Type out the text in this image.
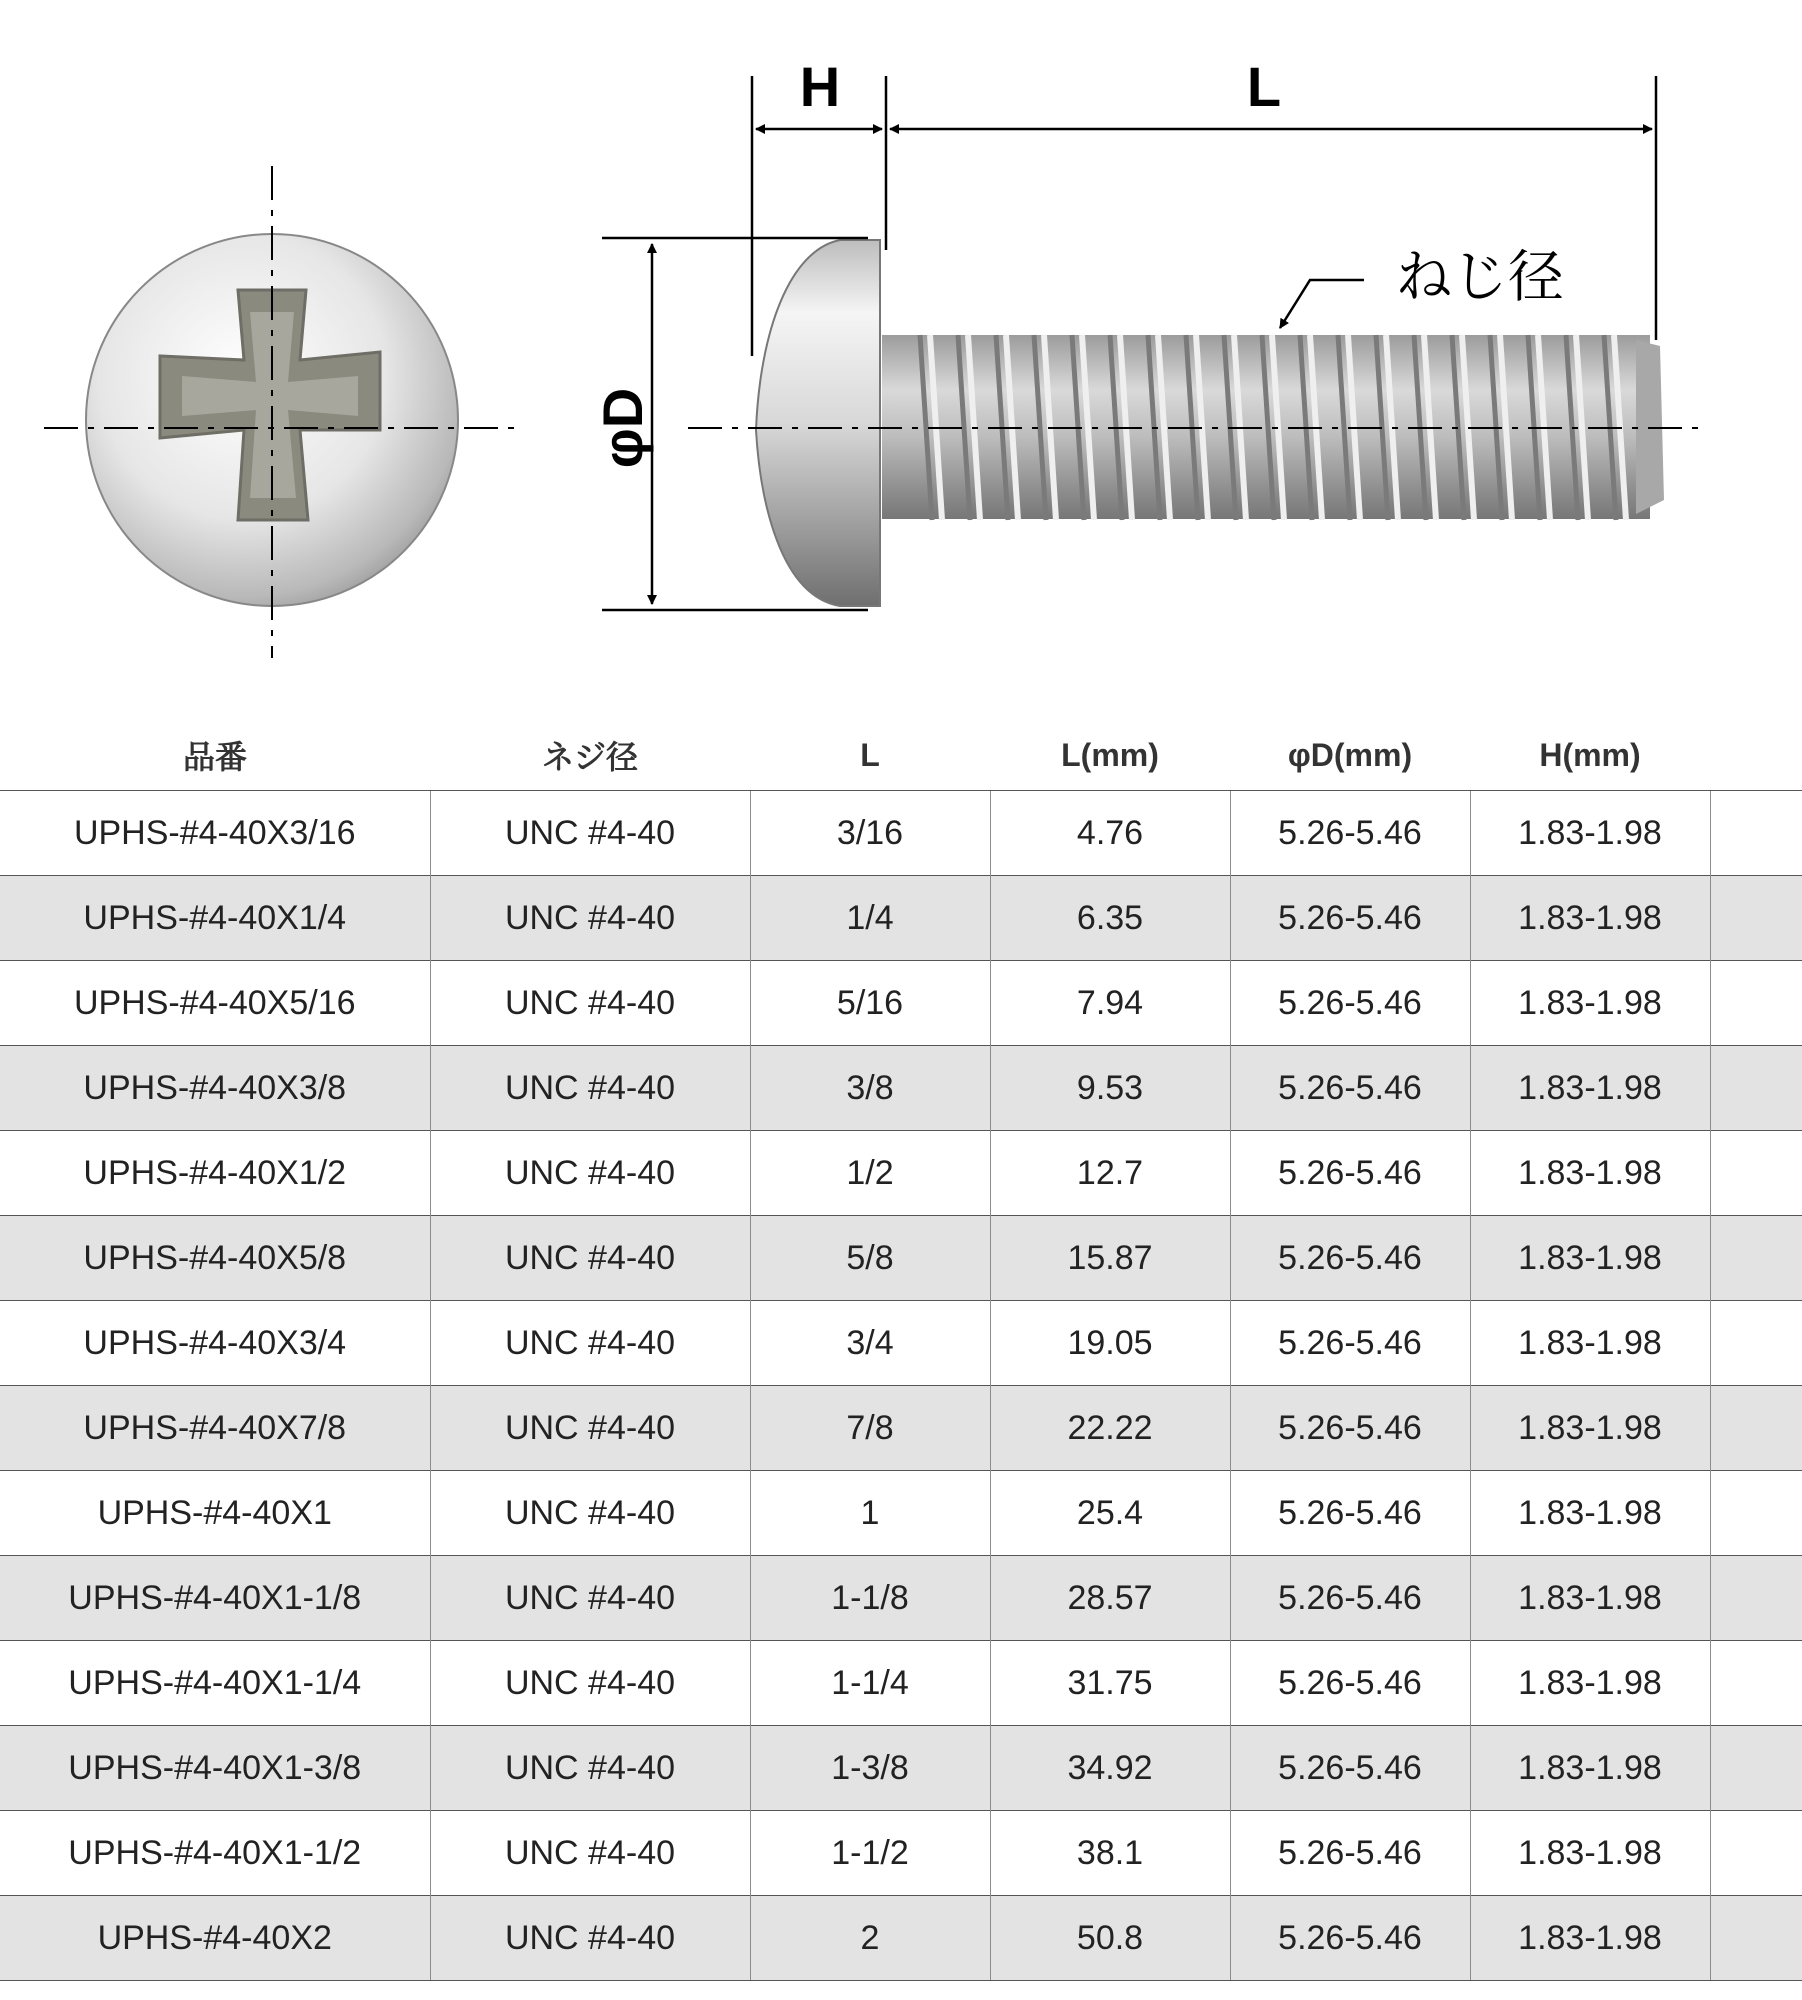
H	L
φD
ねじ径
品番	ネジ径	L	L(mm)	φD(mm)	H(mm)	
UPHS-#4-40X3/16	UNC #4-40	3/16	4.76	5.26-5.46	1.83-1.98	
UPHS-#4-40X1/4	UNC #4-40	1/4	6.35	5.26-5.46	1.83-1.98	
UPHS-#4-40X5/16	UNC #4-40	5/16	7.94	5.26-5.46	1.83-1.98	
UPHS-#4-40X3/8	UNC #4-40	3/8	9.53	5.26-5.46	1.83-1.98	
UPHS-#4-40X1/2	UNC #4-40	1/2	12.7	5.26-5.46	1.83-1.98	
UPHS-#4-40X5/8	UNC #4-40	5/8	15.87	5.26-5.46	1.83-1.98	
UPHS-#4-40X3/4	UNC #4-40	3/4	19.05	5.26-5.46	1.83-1.98	
UPHS-#4-40X7/8	UNC #4-40	7/8	22.22	5.26-5.46	1.83-1.98	
UPHS-#4-40X1	UNC #4-40	1	25.4	5.26-5.46	1.83-1.98	
UPHS-#4-40X1-1/8	UNC #4-40	1-1/8	28.57	5.26-5.46	1.83-1.98	
UPHS-#4-40X1-1/4	UNC #4-40	1-1/4	31.75	5.26-5.46	1.83-1.98	
UPHS-#4-40X1-3/8	UNC #4-40	1-3/8	34.92	5.26-5.46	1.83-1.98	
UPHS-#4-40X1-1/2	UNC #4-40	1-1/2	38.1	5.26-5.46	1.83-1.98	
UPHS-#4-40X2	UNC #4-40	2	50.8	5.26-5.46	1.83-1.98	
